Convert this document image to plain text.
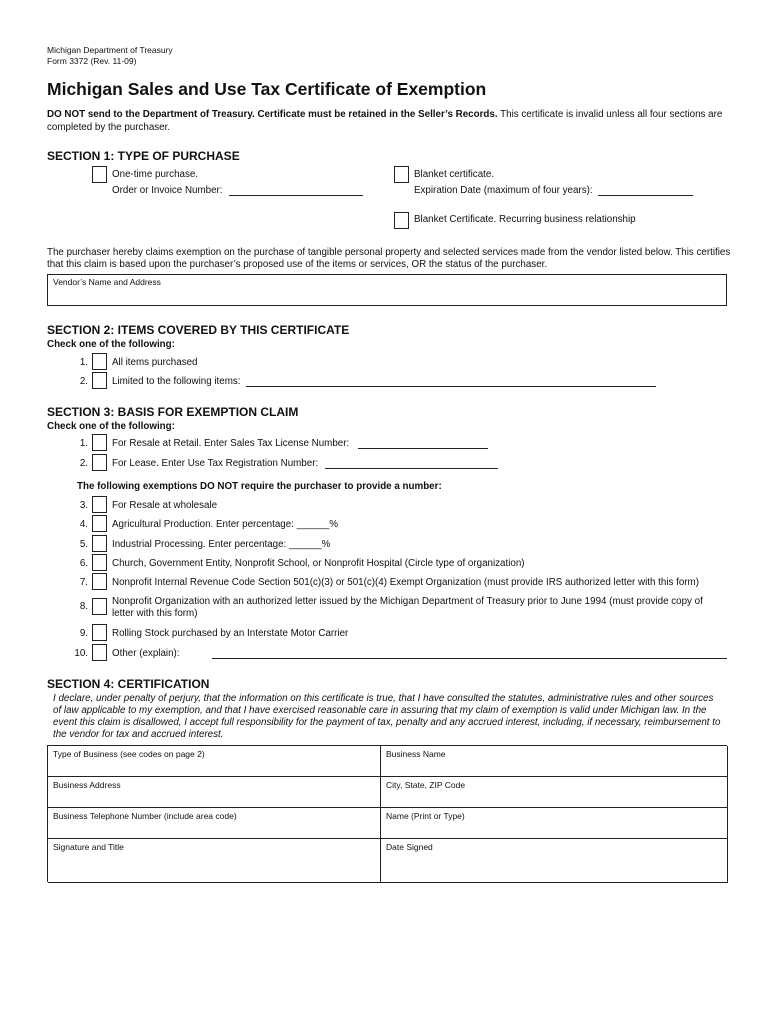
Michigan Department of Treasury
Form 3372 (Rev. 11-09)
Michigan Sales and Use Tax Certificate of Exemption
DO NOT send to the Department of Treasury. Certificate must be retained in the Seller’s Records. This certificate is invalid unless all four sections are completed by the purchaser.
SECTION 1: TYPE OF PURCHASE
One-time purchase.
Order or Invoice Number:
Blanket certificate.
Expiration Date (maximum of four years):
Blanket Certificate. Recurring business relationship
The purchaser hereby claims exemption on the purchase of tangible personal property and selected services made from the vendor listed below. This certifies that this claim is based upon the purchaser’s proposed use of the items or services, OR the status of the purchaser.
Vendor’s Name and Address
SECTION 2: ITEMS COVERED BY THIS CERTIFICATE
Check one of the following:
1. All items purchased
2. Limited to the following items:
SECTION 3: BASIS FOR EXEMPTION CLAIM
Check one of the following:
1. For Resale at Retail. Enter Sales Tax License Number:
2. For Lease. Enter Use Tax Registration Number:
The following exemptions DO NOT require the purchaser to provide a number:
3. For Resale at wholesale
4. Agricultural Production. Enter percentage: ______%
5. Industrial Processing. Enter percentage: ______%
6. Church, Government Entity, Nonprofit School, or Nonprofit Hospital (Circle type of organization)
7. Nonprofit Internal Revenue Code Section 501(c)(3) or 501(c)(4) Exempt Organization (must provide IRS authorized letter with this form)
8. Nonprofit Organization with an authorized letter issued by the Michigan Department of Treasury prior to June 1994 (must provide copy of letter with this form)
9. Rolling Stock purchased by an Interstate Motor Carrier
10. Other (explain):
SECTION 4: CERTIFICATION
I declare, under penalty of perjury, that the information on this certificate is true, that I have consulted the statutes, administrative rules and other sources of law applicable to my exemption, and that I have exercised reasonable care in assuring that my claim of exemption is valid under Michigan law. In the event this claim is disallowed, I accept full responsibility for the payment of tax, penalty and any accrued interest, including, if necessary, reimbursement to the vendor for tax and accrued interest.
Type of Business (see codes on page 2)	Business Name
Business Address	City, State, ZIP Code
Business Telephone Number (include area code)	Name (Print or Type)
Signature and Title	Date Signed
